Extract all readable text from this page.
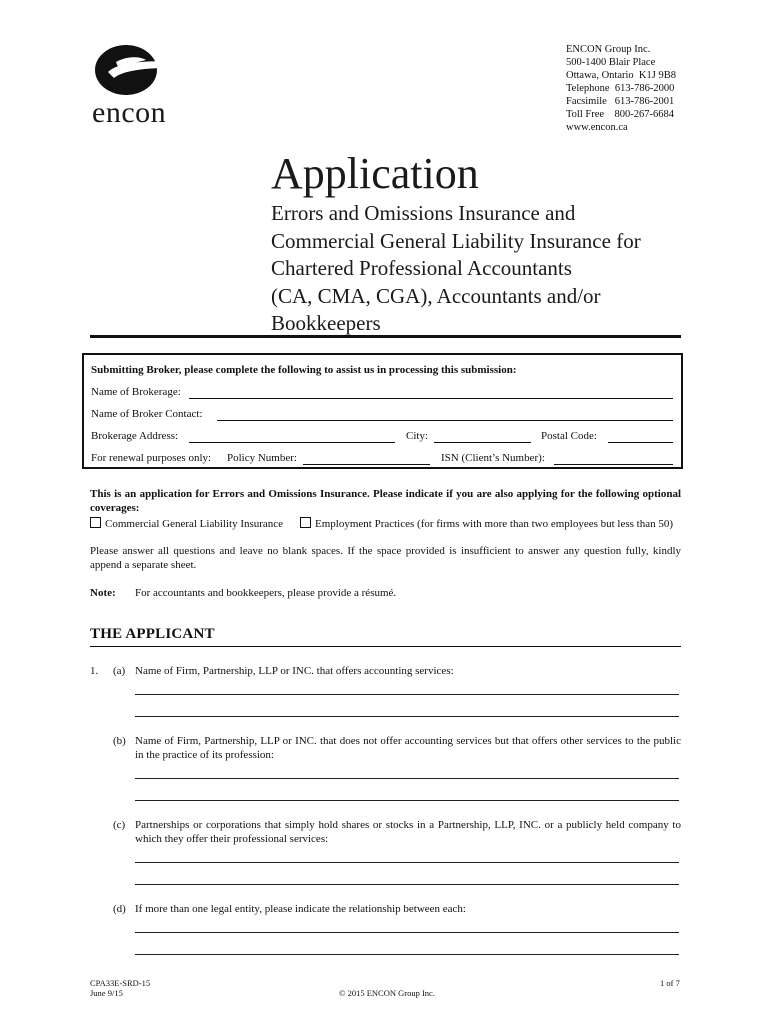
encon
ENCON Group Inc.
500-1400 Blair Place
Ottawa, Ontario  K1J 9B8
Telephone  613-786-2000
Facsimile   613-786-2001
Toll Free    800-267-6684
www.encon.ca
Application
Errors and Omissions Insurance and
Commercial General Liability Insurance for
Chartered Professional Accountants
(CA, CMA, CGA), Accountants and/or
Bookkeepers
Submitting Broker, please complete the following to assist us in processing this submission:
Name of Brokerage:
Name of Broker Contact:
Brokerage Address:	City:	Postal Code:
For renewal purposes only: Policy Number:	ISN (Client’s Number):
This is an application for Errors and Omissions Insurance. Please indicate if you are also applying for the following optional coverages:
Commercial General Liability Insurance	Employment Practices (for firms with more than two employees but less than 50)
Please answer all questions and leave no blank spaces. If the space provided is insufficient to answer any question fully, kindly append a separate sheet.
Note: For accountants and bookkeepers, please provide a résumé.
THE APPLICANT
1. (a) Name of Firm, Partnership, LLP or INC. that offers accounting services:
(b) Name of Firm, Partnership, LLP or INC. that does not offer accounting services but that offers other services to the public in the practice of its profession:
(c) Partnerships or corporations that simply hold shares or stocks in a Partnership, LLP, INC. or a publicly held company to which they offer their professional services:
(d) If more than one legal entity, please indicate the relationship between each:
CPA33E-SRD-15
June 9/15	© 2015 ENCON Group Inc.
1 of 7
